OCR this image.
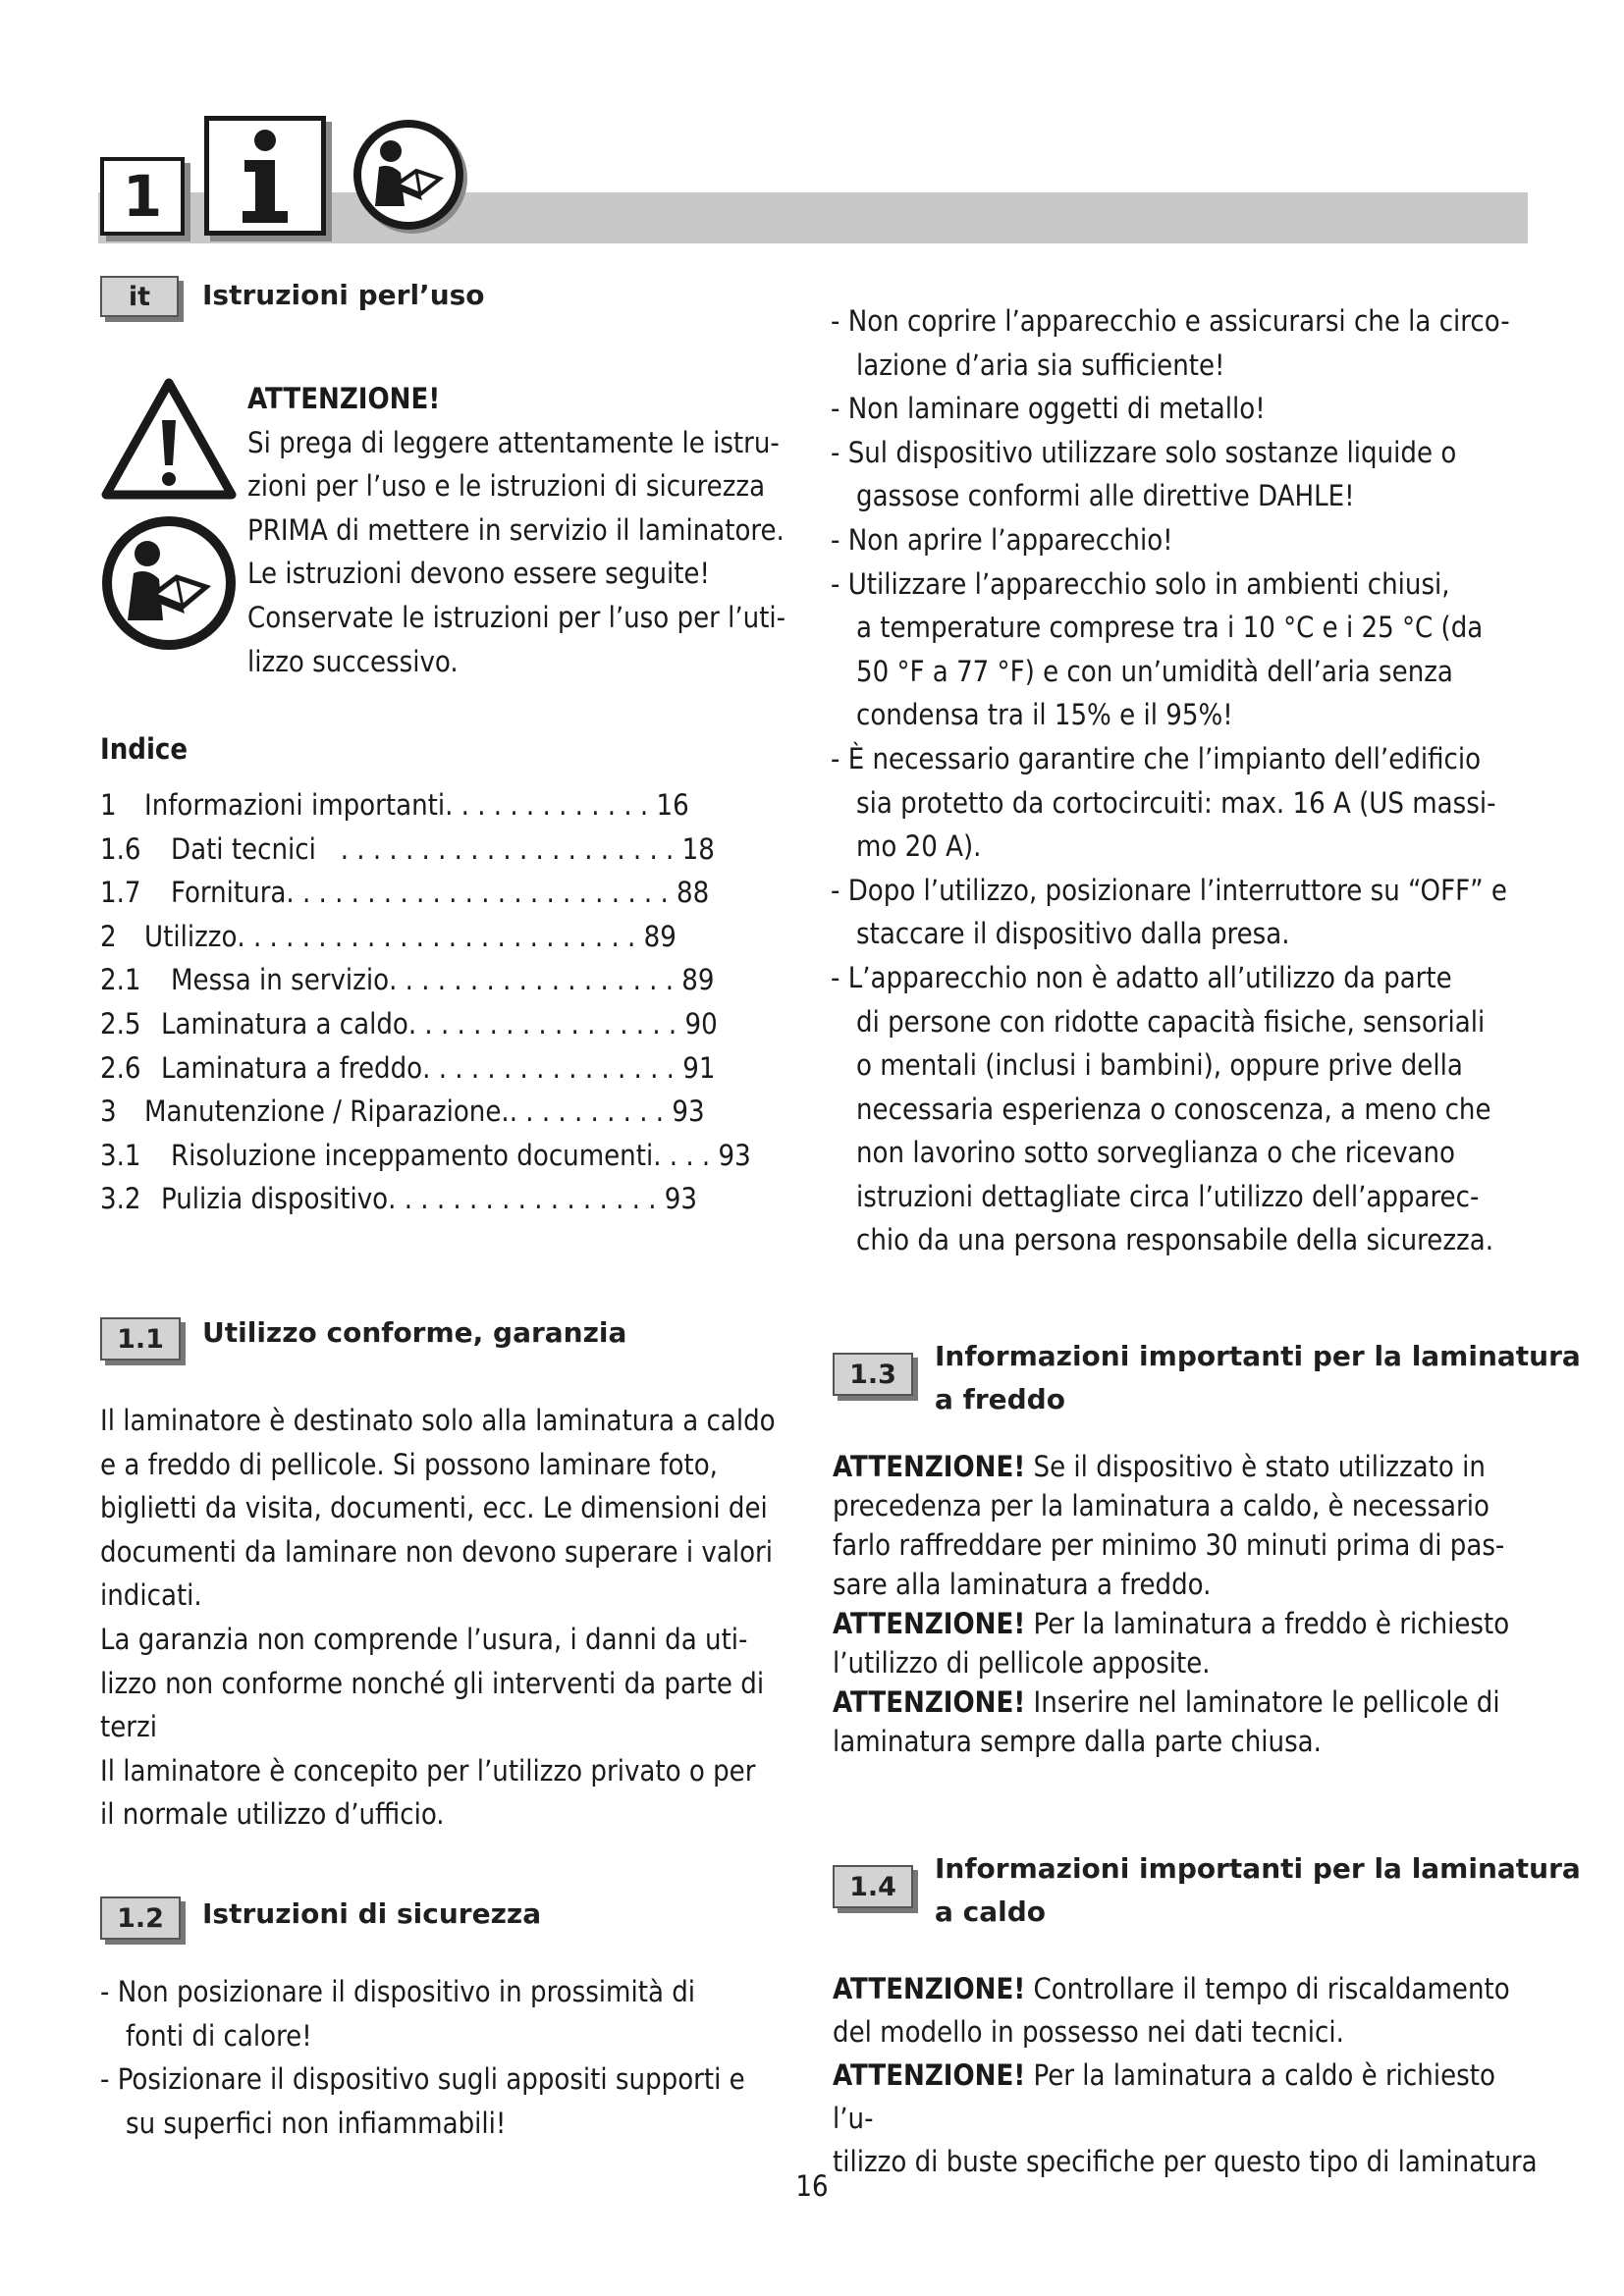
1
it Istruzioni perl’uso
ATTENZIONE!
Si prega di leggere attentamente le istru-
zioni per l’uso e le istruzioni di sicurezza
PRIMA di mettere in servizio il laminatore.
Le istruzioni devono essere seguite!
Conservate le istruzioni per l’uso per l’uti-
lizzo successivo.
Indice
1 Informazioni importanti . . . . . . . . . . . . .
16
1.6	Dati tecnici . . . . . . . . . . . . . . . . . . . . .
18
1.7	Fornitura . . . . . . . . . . . . . . . . . . . . . . . .
88
2 Utilizzo . . . . . . . . . . . . . . . . . . . . . . . . .
89
2.1	Messa in servizio . . . . . . . . . . . . . . . . . .
89
2.5 Laminatura a caldo . . . . . . . . . . . . . . . . .
90
2.6 Laminatura a freddo . . . . . . . . . . . . . . . .
91
3 Manutenzione / Riparazione. . . . . . . . . . .
93
3.1	Risoluzione inceppamento documenti . . . .
93
3.2 Pulizia dispositivo . . . . . . . . . . . . . . . . .
93
1.1 Utilizzo conforme, garanzia
Il laminatore è destinato solo alla laminatura a caldo
e a freddo di pellicole. Si possono laminare foto,
biglietti da visita, documenti, ecc. Le dimensioni dei
documenti da laminare non devono superare i valori
indicati.
La garanzia non comprende l’usura, i danni da uti-
lizzo non conforme nonché gli interventi da parte di
terzi
Il laminatore è concepito per l’utilizzo privato o per
il normale utilizzo d’ufficio.
1.2 Istruzioni di sicurezza
- Non posizionare il dispositivo in prossimità di
fonti di calore!
- Posizionare il dispositivo sugli appositi supporti e
su superfici non infiammabili!
- Non coprire l’apparecchio e assicurarsi che la circo-
lazione d’aria sia sufficiente!
- Non laminare oggetti di metallo!
- Sul dispositivo utilizzare solo sostanze liquide o
gassose conformi alle direttive DAHLE!
- Non aprire l’apparecchio!
- Utilizzare l’apparecchio solo in ambienti chiusi,
a temperature comprese tra i 10 °C e i 25 °C (da
50 °F a 77 °F) e con un’umidità dell’aria senza
condensa tra il 15% e il 95%!
- È necessario garantire che l’impianto dell’edificio
sia protetto da cortocircuiti: max. 16 A (US massi-
mo 20 A).
- Dopo l’utilizzo, posizionare l’interruttore su “OFF” e
staccare il dispositivo dalla presa.
- L’apparecchio non è adatto all’utilizzo da parte
di persone con ridotte capacità fisiche, sensoriali
o mentali (inclusi i bambini), oppure prive della
necessaria esperienza o conoscenza, a meno che
non lavorino sotto sorveglianza o che ricevano
istruzioni dettagliate circa l’utilizzo dell’apparec-
chio da una persona responsabile della sicurezza.
1.3
Informazioni importanti per la laminatura
a freddo
ATTENZIONE! Se il dispositivo è stato utilizzato in
precedenza per la laminatura a caldo, è necessario
farlo raffreddare per minimo 30 minuti prima di pas-
sare alla laminatura a freddo.
ATTENZIONE! Per la laminatura a freddo è richiesto
l’utilizzo di pellicole apposite.
ATTENZIONE! Inserire nel laminatore le pellicole di
laminatura sempre dalla parte chiusa.
1.4
Informazioni importanti per la laminatura
a caldo
ATTENZIONE! Controllare il tempo di riscaldamento
del modello in possesso nei dati tecnici.
ATTENZIONE! Per la laminatura a caldo è richiesto l’u-
tilizzo di buste specifiche per questo tipo di laminatura
16
